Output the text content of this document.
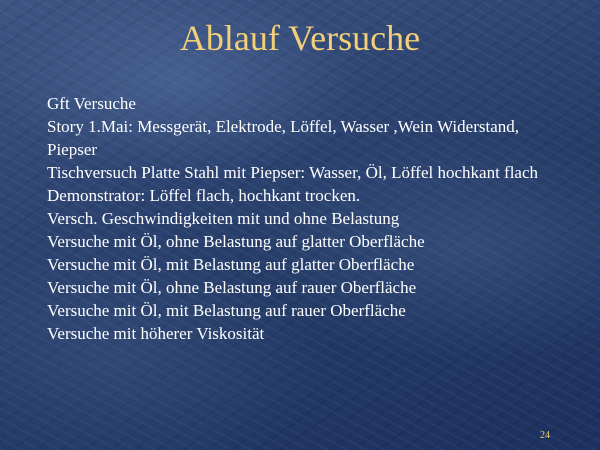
Ablauf Versuche
Gft Versuche
Story 1.Mai: Messgerät, Elektrode, Löffel, Wasser ,Wein Widerstand, Piepser
Tischversuch Platte Stahl mit Piepser: Wasser, Öl, Löffel hochkant flach
Demonstrator: Löffel flach, hochkant trocken.
Versch. Geschwindigkeiten mit und ohne Belastung
Versuche mit Öl, ohne Belastung auf glatter Oberfläche
Versuche mit Öl, mit Belastung auf glatter Oberfläche
Versuche mit Öl, ohne Belastung auf rauer Oberfläche
Versuche mit Öl, mit Belastung auf rauer Oberfläche
Versuche mit höherer Viskosität
24
